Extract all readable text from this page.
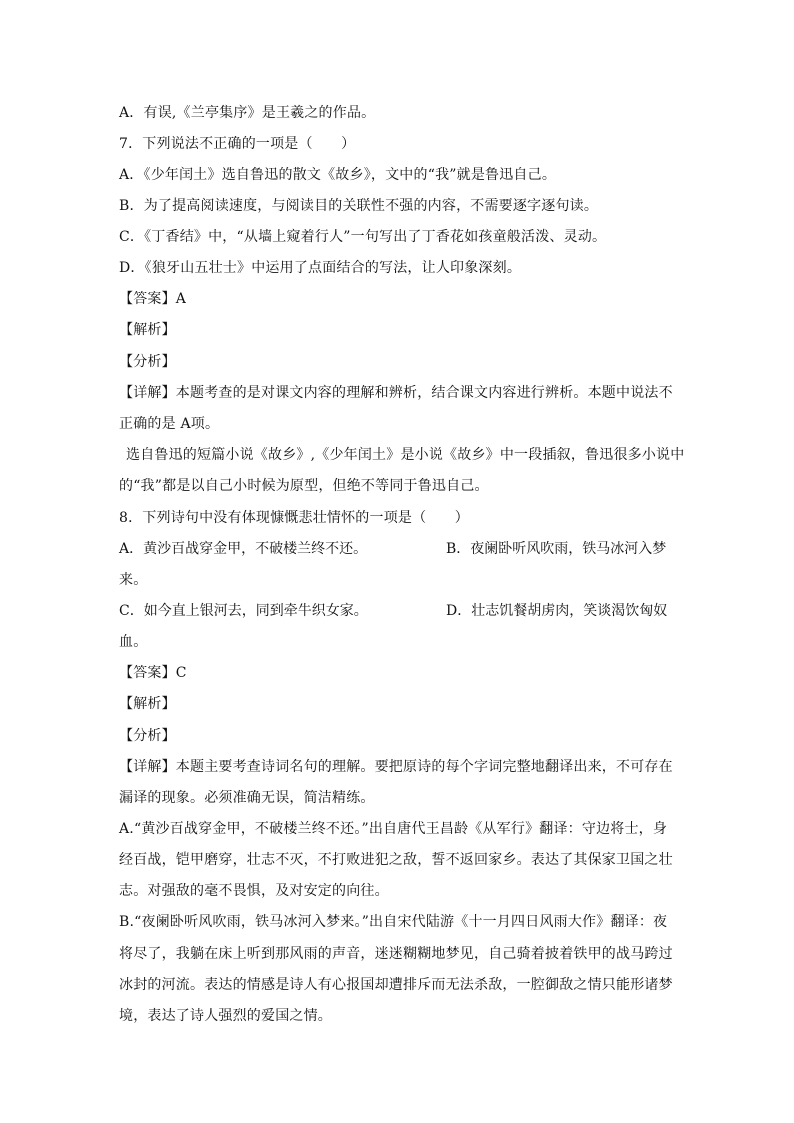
A．有误,《兰亭集序》是王羲之的作品。
7．下列说法不正确的一项是（　　）
A．《少年闰土》选自鲁迅的散文《故乡》，文中的“我”就是鲁迅自己。
B．为了提高阅读速度，与阅读目的关联性不强的内容，不需要逐字逐句读。
C．《丁香结》中，“从墙上窥着行人”一句写出了丁香花如孩童般活泼、灵动。
D．《狼牙山五壮士》中运用了点面结合的写法，让人印象深刻。
【答案】A
【解析】
【分析】
【详解】本题考查的是对课文内容的理解和辨析，结合课文内容进行辨析。本题中说法不
正确的是 A项。
选自鲁迅的短篇小说《故乡》,《少年闰土》是小说《故乡》中一段插叙，鲁迅很多小说中
的“我”都是以自己小时候为原型，但绝不等同于鲁迅自己。
8．下列诗句中没有体现慷慨悲壮情怀的一项是（　　）
A．黄沙百战穿金甲，不破楼兰终不还。	B．夜阑卧听风吹雨，铁马冰河入梦
来。
C．如今直上银河去，同到牵牛织女家。	D．壮志饥餐胡虏肉，笑谈渴饮匈奴
血。
【答案】C
【解析】
【分析】
【详解】本题主要考查诗词名句的理解。要把原诗的每个字词完整地翻译出来，不可存在
漏译的现象。必须准确无误，简洁精练。
A.“黄沙百战穿金甲，不破楼兰终不还。”出自唐代王昌龄《从军行》翻译：守边将士，身
经百战，铠甲磨穿，壮志不灭，不打败进犯之敌，誓不返回家乡。表达了其保家卫国之壮
志。对强敌的毫不畏惧，及对安定的向往。
B.“夜阑卧听风吹雨，铁马冰河入梦来。”出自宋代陆游《十一月四日风雨大作》翻译：夜
将尽了，我躺在床上听到那风雨的声音，迷迷糊糊地梦见，自己骑着披着铁甲的战马跨过
冰封的河流。表达的情感是诗人有心报国却遭排斥而无法杀敌，一腔御敌之情只能形诸梦
境，表达了诗人强烈的爱国之情。
